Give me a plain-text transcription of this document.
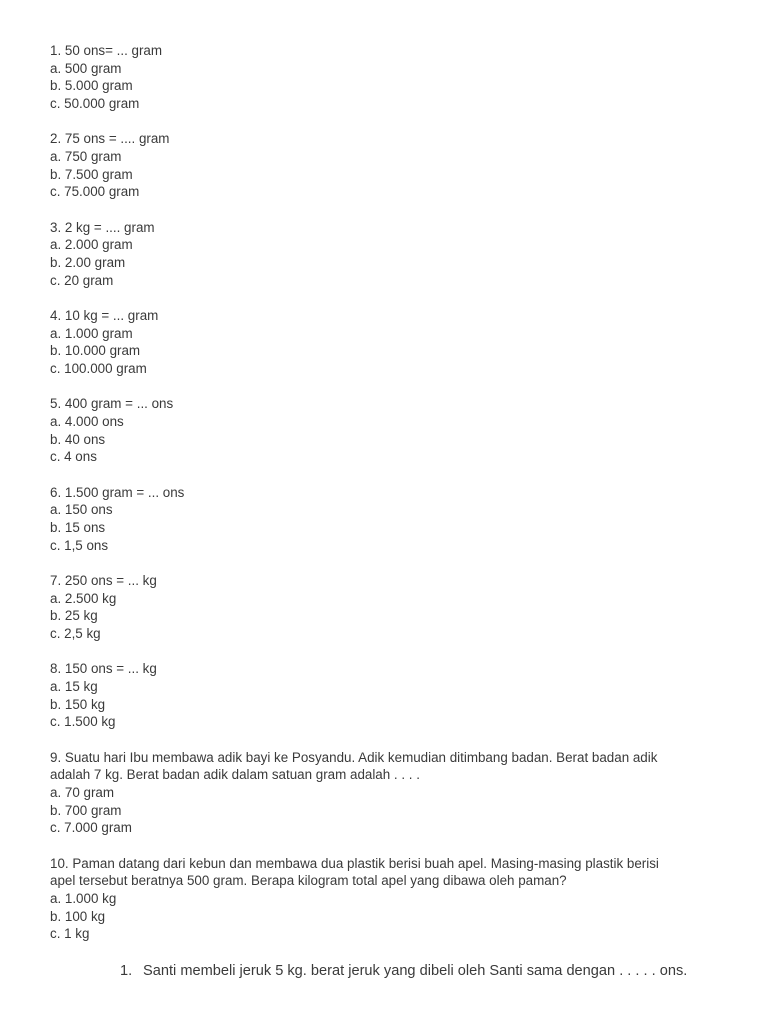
1. 50 ons= ... gram
a. 500 gram
b. 5.000 gram
c. 50.000 gram
2. 75 ons = .... gram
a. 750 gram
b. 7.500 gram
c. 75.000 gram
3. 2 kg = .... gram
a. 2.000 gram
b. 2.00 gram
c. 20 gram
4. 10 kg = ... gram
a. 1.000 gram
b. 10.000 gram
c. 100.000 gram
5. 400 gram = ... ons
a. 4.000 ons
b. 40 ons
c. 4 ons
6. 1.500 gram = ... ons
a. 150 ons
b. 15 ons
c. 1,5 ons
7. 250 ons = ... kg
a. 2.500 kg
b. 25 kg
c. 2,5 kg
8. 150 ons = ... kg
a. 15 kg
b. 150 kg
c. 1.500 kg
9. Suatu hari Ibu membawa adik bayi ke Posyandu. Adik kemudian ditimbang badan. Berat badan adik
adalah 7 kg. Berat badan adik dalam satuan gram adalah . . . .
a. 70 gram
b. 700 gram
c. 7.000 gram
10. Paman datang dari kebun dan membawa dua plastik berisi buah apel. Masing-masing plastik berisi
apel tersebut beratnya 500 gram. Berapa kilogram total apel yang dibawa oleh paman?
a. 1.000 kg
b. 100 kg
c. 1 kg
1. Santi membeli jeruk 5 kg. berat jeruk yang dibeli oleh Santi sama dengan . . . . . ons.
